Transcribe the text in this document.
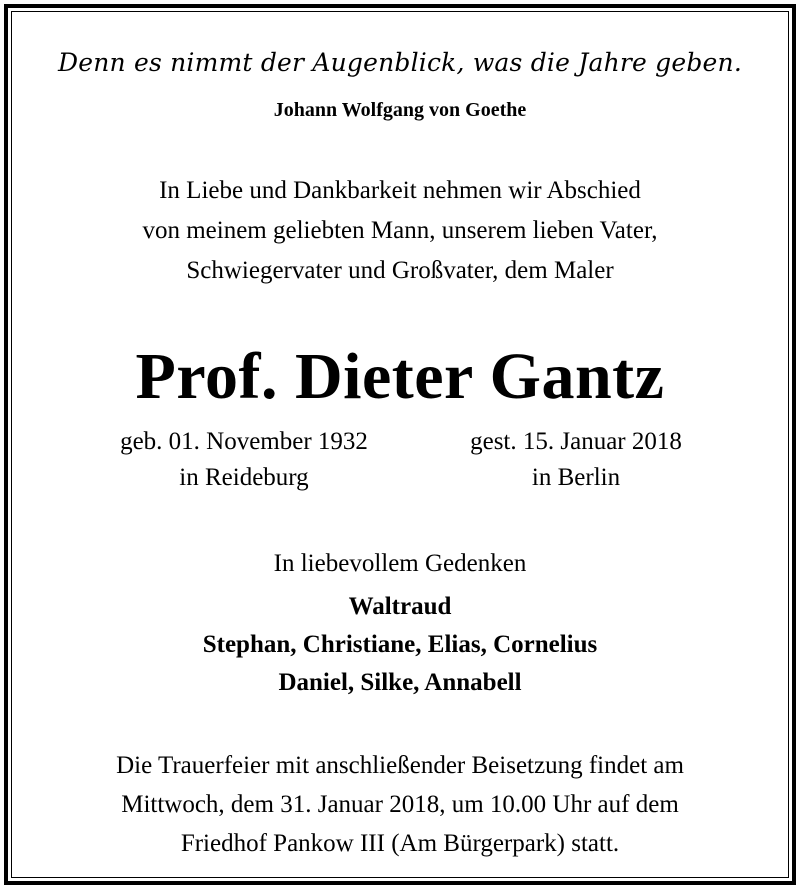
Denn es nimmt der Augenblick, was die Jahre geben.
Johann Wolfgang von Goethe
In Liebe und Dankbarkeit nehmen wir Abschied
von meinem geliebten Mann, unserem lieben Vater,
Schwiegervater und Großvater, dem Maler
Prof. Dieter Gantz
geb. 01. November 1932
in Reideburg
gest. 15. Januar 2018
in Berlin
In liebevollem Gedenken
Waltraud
Stephan, Christiane, Elias, Cornelius
Daniel, Silke, Annabell
Die Trauerfeier mit anschließender Beisetzung findet am
Mittwoch, dem 31. Januar 2018, um 10.00 Uhr auf dem
Friedhof Pankow III (Am Bürgerpark) statt.
